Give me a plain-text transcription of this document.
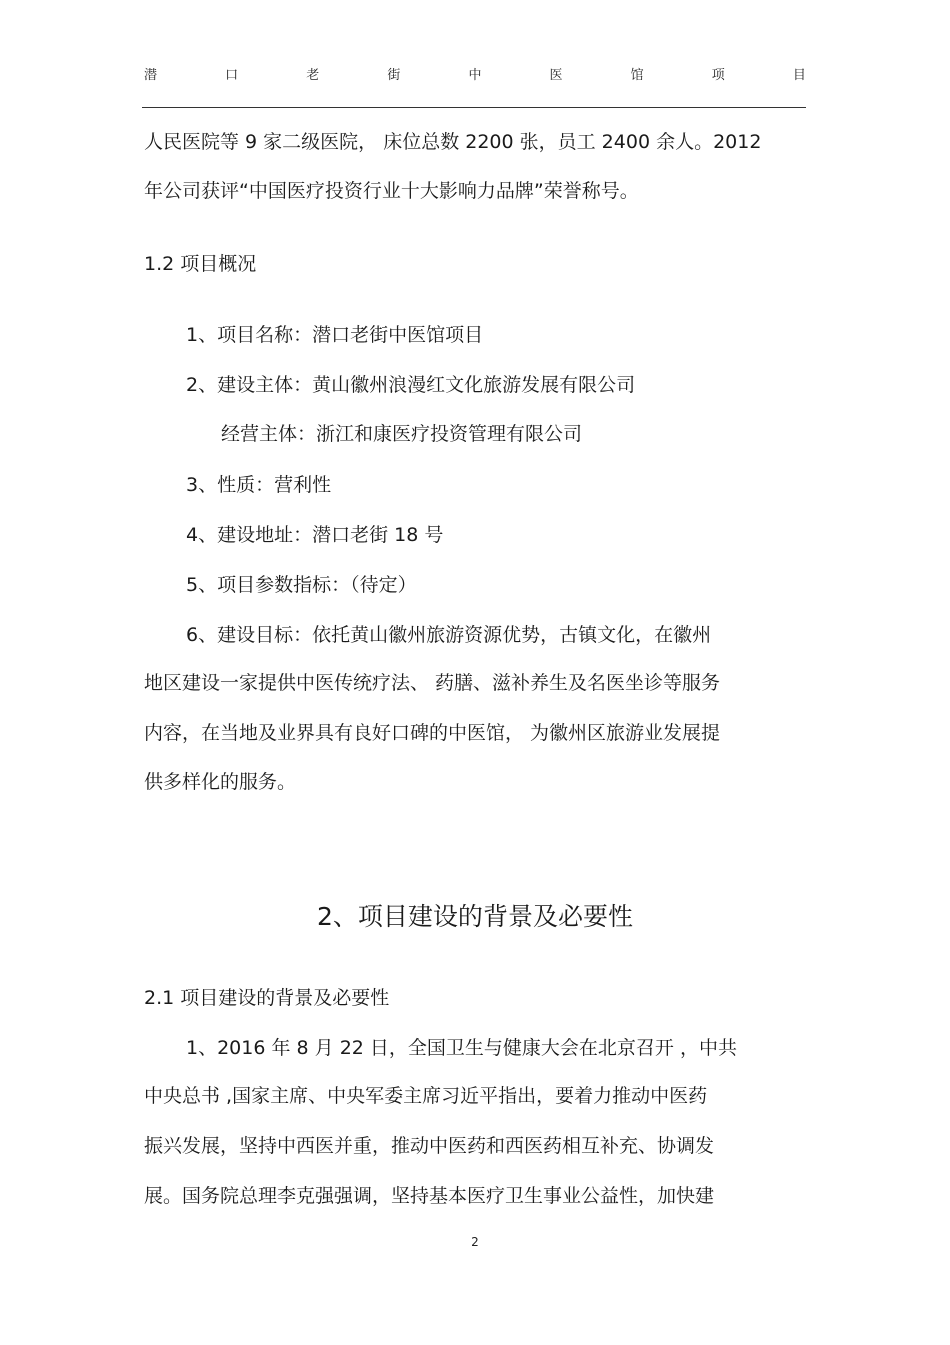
潜	口	老	街	中	医	馆	项	目
人民医院等 9 家二级医院， 床位总数 2200 张，员工 2400 余人。2012
年公司获评“中国医疗投资行业十大影响力品牌”荣誉称号。
1.2 项目概况
1、项目名称：潜口老街中医馆项目
2、建设主体：黄山徽州浪漫红文化旅游发展有限公司
经营主体：浙江和康医疗投资管理有限公司
3、性质：营利性
4、建设地址：潜口老街 18 号
5、项目参数指标：（待定）
6、建设目标：依托黄山徽州旅游资源优势，古镇文化，在徽州
地区建设一家提供中医传统疗法、 药膳、滋补养生及名医坐诊等服务
内容，在当地及业界具有良好口碑的中医馆， 为徽州区旅游业发展提
供多样化的服务。
2、项目建设的背景及必要性
2.1 项目建设的背景及必要性
1、2016 年 8 月 22 日，全国卫生与健康大会在北京召开 ，中共
中央总书 ,国家主席、中央军委主席习近平指出，要着力推动中医药
振兴发展，坚持中西医并重，推动中医药和西医药相互补充、协调发
展。国务院总理李克强强调，坚持基本医疗卫生事业公益性，加快建
2
